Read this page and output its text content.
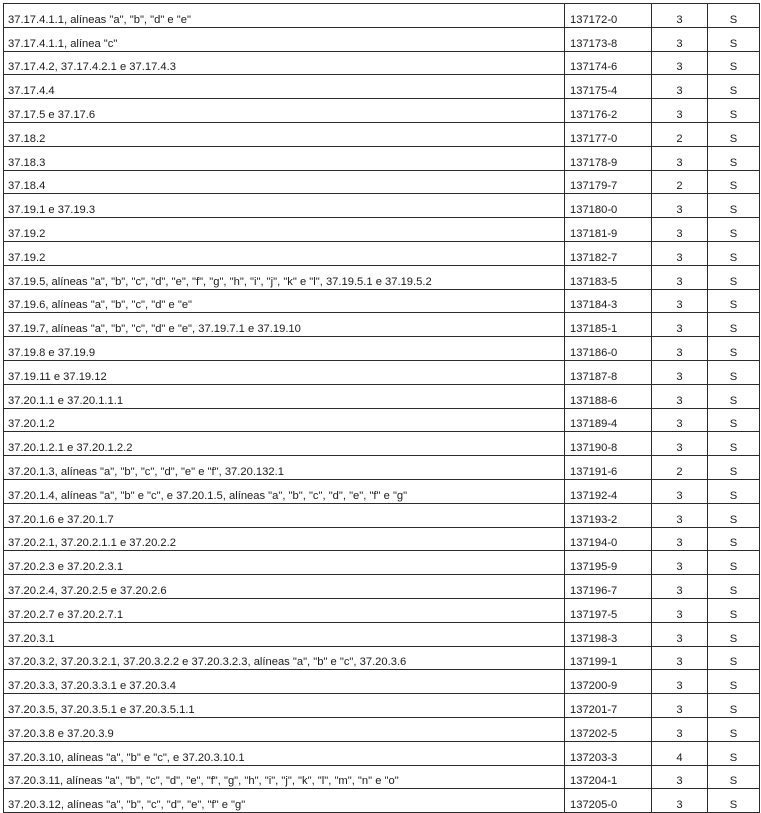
37.17.4.1.1, alíneas "a", "b", "d" e "e"	137172-0	3	S
37.17.4.1.1, alínea "c"	137173-8	3	S
37.17.4.2, 37.17.4.2.1 e 37.17.4.3	137174-6	3	S
37.17.4.4	137175-4	3	S
37.17.5 e 37.17.6	137176-2	3	S
37.18.2	137177-0	2	S
37.18.3	137178-9	3	S
37.18.4	137179-7	2	S
37.19.1 e 37.19.3	137180-0	3	S
37.19.2	137181-9	3	S
37.19.2	137182-7	3	S
37.19.5, alíneas "a", "b", "c", "d", "e", "f", "g", "h", "i", "j", "k" e "l", 37.19.5.1 e 37.19.5.2	137183-5	3	S
37.19.6, alíneas "a", "b", "c", "d" e "e"	137184-3	3	S
37.19.7, alíneas "a", "b", "c", "d" e "e", 37.19.7.1 e 37.19.10	137185-1	3	S
37.19.8 e 37.19.9	137186-0	3	S
37.19.11 e 37.19.12	137187-8	3	S
37.20.1.1 e 37.20.1.1.1	137188-6	3	S
37.20.1.2	137189-4	3	S
37.20.1.2.1 e 37.20.1.2.2	137190-8	3	S
37.20.1.3, alíneas "a", "b", "c", "d", "e" e "f", 37.20.132.1	137191-6	2	S
37.20.1.4, alíneas "a", "b" e "c", e 37.20.1.5, alíneas "a", "b", "c", "d", "e", "f" e "g"	137192-4	3	S
37.20.1.6 e 37.20.1.7	137193-2	3	S
37.20.2.1, 37.20.2.1.1 e 37.20.2.2	137194-0	3	S
37.20.2.3 e 37.20.2.3.1	137195-9	3	S
37.20.2.4, 37.20.2.5 e 37.20.2.6	137196-7	3	S
37.20.2.7 e 37.20.2.7.1	137197-5	3	S
37.20.3.1	137198-3	3	S
37.20.3.2, 37.20.3.2.1, 37.20.3.2.2 e 37.20.3.2.3, alíneas "a", "b" e "c", 37.20.3.6	137199-1	3	S
37.20.3.3, 37.20.3.3.1 e 37.20.3.4	137200-9	3	S
37.20.3.5, 37.20.3.5.1 e 37.20.3.5.1.1	137201-7	3	S
37.20.3.8 e 37.20.3.9	137202-5	3	S
37.20.3.10, alíneas "a", "b" e "c", e 37.20.3.10.1	137203-3	4	S
37.20.3.11, alíneas "a", "b", "c", "d", "e", "f", "g", "h", "i", "j", "k", "l", "m", "n" e "o"	137204-1	3	S
37.20.3.12, alíneas "a", "b", "c", "d", "e", "f" e "g"	137205-0	3	S
